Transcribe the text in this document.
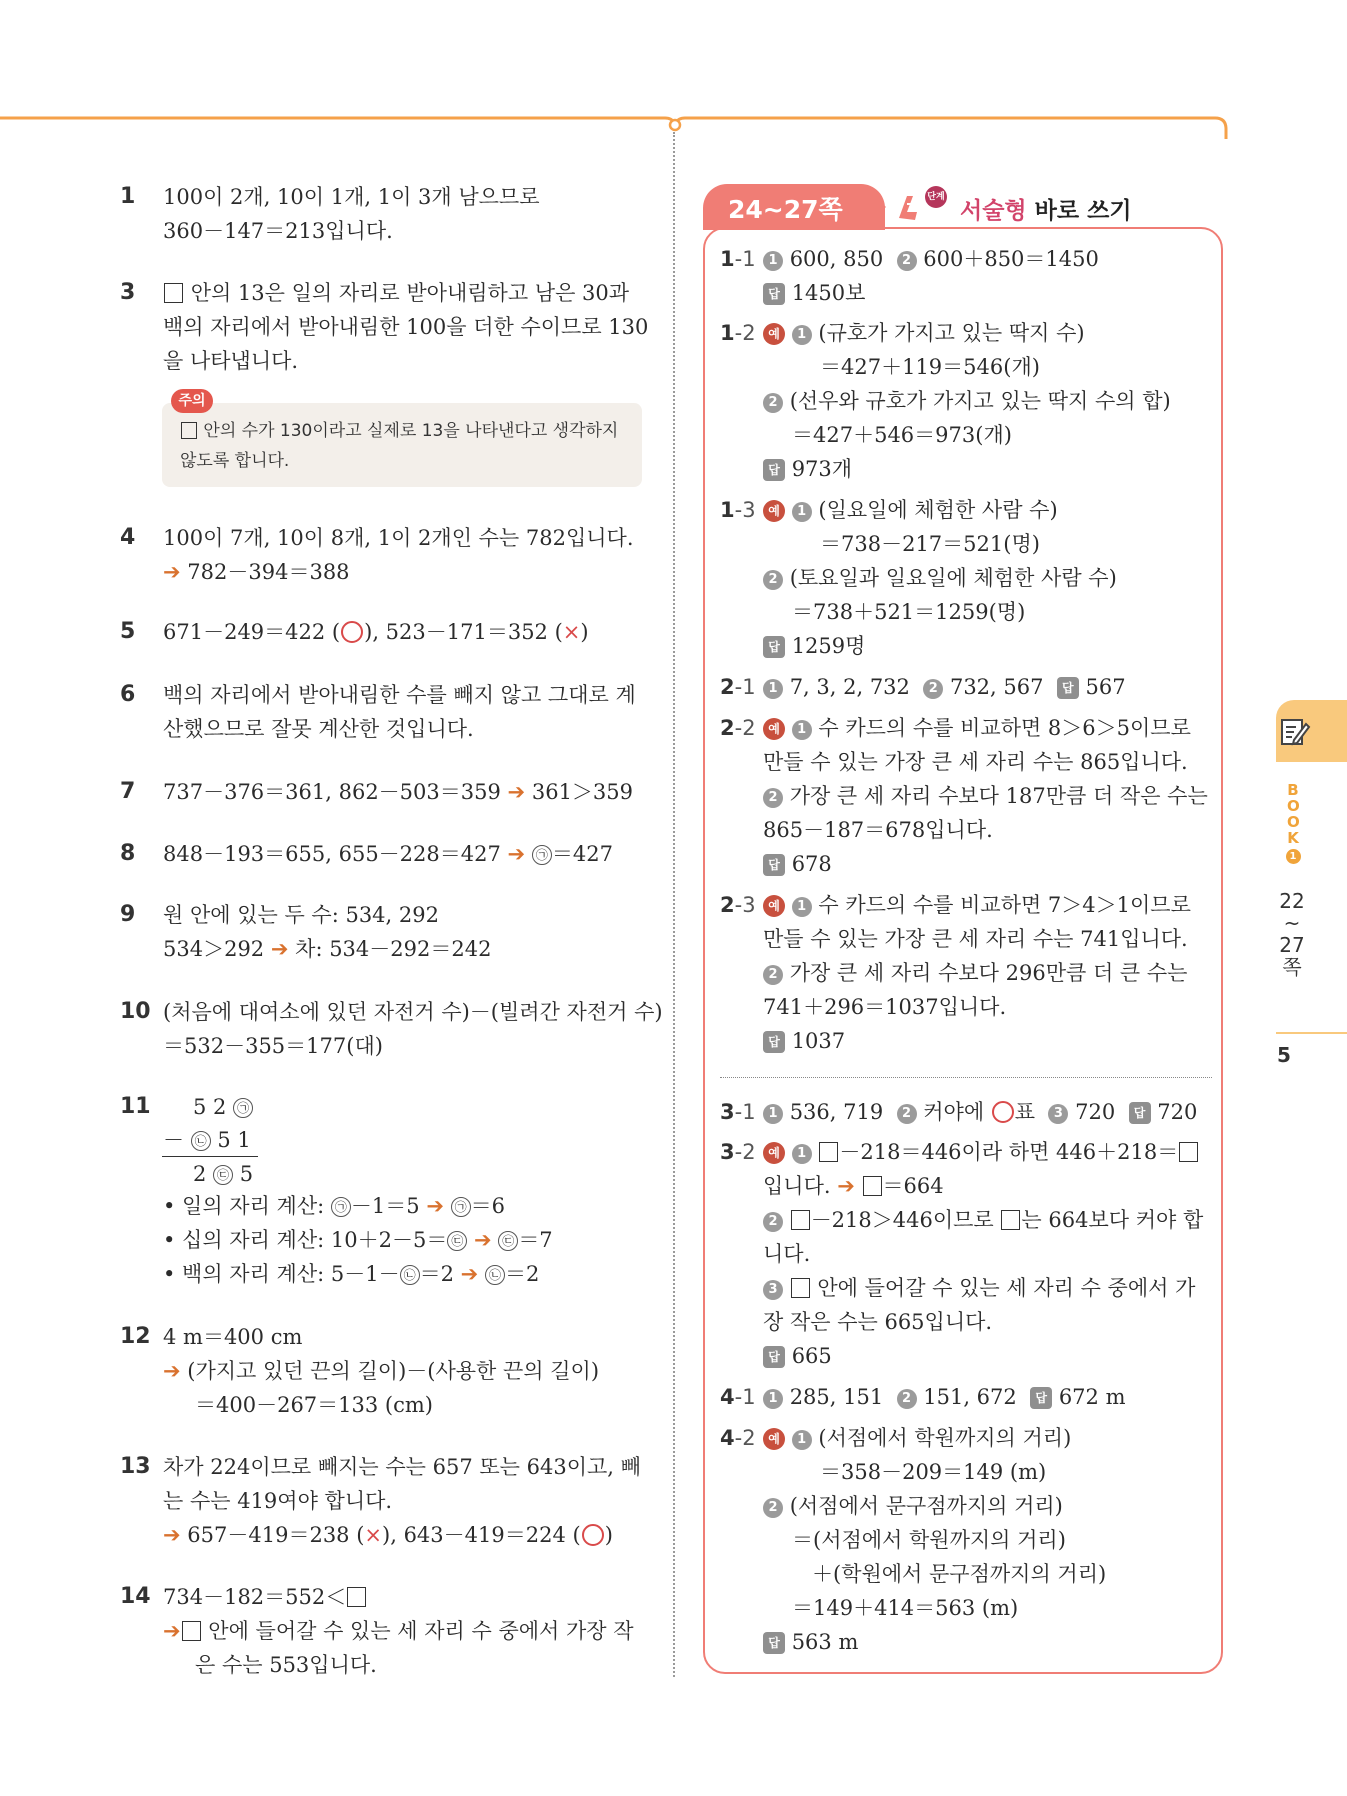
1 100이 2개, 10이 1개, 1이 3개 남으므로
360－147＝213입니다.
3	안의 13은 일의 자리로 받아내림하고 남은 30과
백의 자리에서 받아내림한 100을 더한 수이므로 130
을 나타냅니다.
주의
안의 수가 130이라고 실제로 13을 나타낸다고 생각하지
않도록 합니다.
4 100이 7개, 10이 8개, 1이 2개인 수는 782입니다.
➔ 782－394＝388
5 671－249＝422 ( ), 523－171＝352 (×)
6 백의 자리에서 받아내림한 수를 빼지 않고 그대로 계
산했으므로 잘못 계산한 것입니다.
7 737－376＝361, 862－503＝359 ➔ 361＞359
8 848－193＝655, 655－228＝427 ➔ ㉠ ＝427
9 원 안에 있는 두 수: 534, 292
534＞292 ➔ 차: 534－292＝242
10 (처음에 대여소에 있던 자전거 수)－(빌려간 자전거 수)
＝532－355＝177(대)
11 5 2 ㉠
－ ㉡ 5 1
2 ㉢ 5
• 일의 자리 계산: ㉠ －1＝5 ➔ ㉠ ＝6
• 십의 자리 계산: 10＋2－5＝ ㉢ ➔ ㉢ ＝7
• 백의 자리 계산: 5－1－ ㉡ ＝2 ➔ ㉡ ＝2
12 4 m＝400 cm
➔ (가지고 있던 끈의 길이)－(사용한 끈의 길이)
＝400－267＝133 (cm)
13 차가 224이므로 빼지는 수는 657 또는 643이고, 빼
는 수는 419여야 합니다.
➔ 657－419＝238 (×), 643－419＝224 ( )
14 734－182＝552＜
➔ 안에 들어갈 수 있는 세 자리 수 중에서 가장 작
은 수는 553입니다.
24~27쪽	단계
서술형 바로 쓰기
1-1 1 600, 850 2 600＋850＝1450
답 1450보
1-2	예 1 (규호가 가지고 있는 딱지 수)
＝427＋119＝546(개)
2 (선우와 규호가 가지고 있는 딱지 수의 합)
＝427＋546＝973(개)
답 973개
1-3	예 1 (일요일에 체험한 사람 수)
＝738－217＝521(명)
2 (토요일과 일요일에 체험한 사람 수)
＝738＋521＝1259(명)
답 1259명
2-1 1 7, 3, 2, 732 2 732, 567 답 567
2-2	예 1 수 카드의 수를 비교하면 8＞6＞5이므로
만들 수 있는 가장 큰 세 자리 수는 865입니다.
2 가장 큰 세 자리 수보다 187만큼 더 작은 수는
865－187＝678입니다.
답 678
2-3	예 1 수 카드의 수를 비교하면 7＞4＞1이므로
만들 수 있는 가장 큰 세 자리 수는 741입니다.
2 가장 큰 세 자리 수보다 296만큼 더 큰 수는
741＋296＝1037입니다.
답 1037
3-1 1 536, 719 2 커야에 표 3 720 답 720
3-2	예 1 －218＝446이라 하면 446＋218＝
입니다. ➔ ＝664
2 －218＞446이므로 는 664보다 커야 합
니다.
3 안에 들어갈 수 있는 세 자리 수 중에서 가
장 작은 수는 665입니다.
답 665
4-1 1 285, 151 2 151, 672 답 672 m
4-2	예 1 (서점에서 학원까지의 거리)
＝358－209＝149 (m)
2 (서점에서 문구점까지의 거리)
＝(서점에서 학원까지의 거리)
＋(학원에서 문구점까지의 거리)
＝149＋414＝563 (m)
답 563 m
BOOK
1
22
~
27
쪽
5
